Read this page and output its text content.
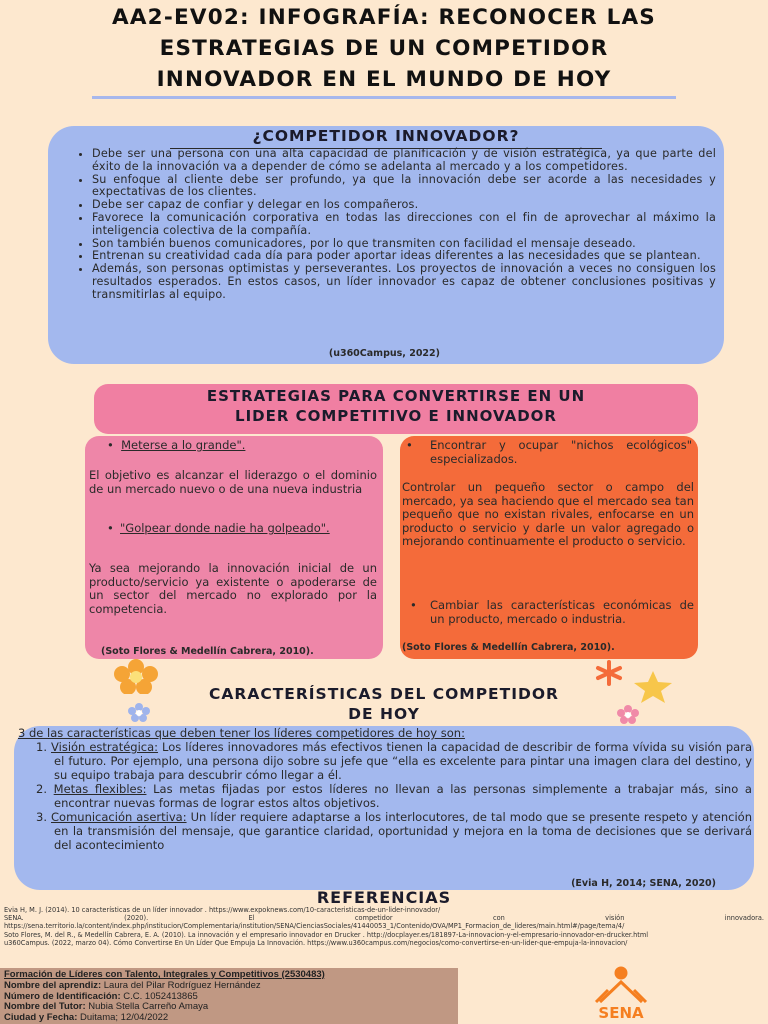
AA2-EV02: INFOGRAFÍA: RECONOCER LAS
ESTRATEGIAS DE UN COMPETIDOR
INNOVADOR EN EL MUNDO DE HOY
¿COMPETIDOR INNOVADOR?
• Debe ser una persona con una alta capacidad de planificación y de visión estratégica, ya que parte del éxito de la innovación va a depender de cómo se adelanta al mercado y a los competidores.
• Su enfoque al cliente debe ser profundo, ya que la innovación debe ser acorde a las necesidades y expectativas de los clientes.
• Debe ser capaz de confiar y delegar en los compañeros.
• Favorece la comunicación corporativa en todas las direcciones con el fin de aprovechar al máximo la inteligencia colectiva de la compañía.
• Son también buenos comunicadores, por lo que transmiten con facilidad el mensaje deseado.
• Entrenan su creatividad cada día para poder aportar ideas diferentes a las necesidades que se plantean.
• Además, son personas optimistas y perseverantes. Los proyectos de innovación a veces no consiguen los resultados esperados. En estos casos, un líder innovador es capaz de obtener conclusiones positivas y transmitirlas al equipo.
(u360Campus, 2022)
ESTRATEGIAS PARA CONVERTIRSE EN UN
LIDER COMPETITIVO E INNOVADOR
•  Meterse a lo grande".

El objetivo es alcanzar el liderazgo o el dominio de un mercado nuevo o de una nueva industria

• "Golpear donde nadie ha golpeado".

Ya sea mejorando la innovación inicial de un producto/servicio ya existente o apoderarse de un sector del mercado no explorado por la competencia.

(Soto Flores & Medellín Cabrera, 2010).
• Encontrar y ocupar "nichos ecológicos" especializados.

Controlar un pequeño sector o campo del mercado, ya sea haciendo que el mercado sea tan pequeño que no existan rivales, enfocarse en un producto o servicio y darle un valor agregado o mejorando continuamente el producto o servicio.

• Cambiar las características económicas de un producto, mercado o industria.

(Soto Flores & Medellín Cabrera, 2010).
CARACTERÍSTICAS DEL COMPETIDOR
DE HOY
3 de las características que deben tener los líderes competidores de hoy son:
1. Visión estratégica: Los líderes innovadores más efectivos tienen la capacidad de describir de forma vívida su visión para el futuro. Por ejemplo, una persona dijo sobre su jefe que “ella es excelente para pintar una imagen clara del destino, y su equipo trabaja para descubrir cómo llegar a él.
2. Metas flexibles: Las metas fijadas por estos líderes no llevan a las personas simplemente a trabajar más, sino a encontrar nuevas formas de lograr estos altos objetivos.
3. Comunicación asertiva: Un líder requiere adaptarse a los interlocutores, de tal modo que se presente respeto y atención en la transmisión del mensaje, que garantice claridad, oportunidad y mejora en la toma de decisiones que se derivará del acontecimiento
(Evia H, 2014; SENA, 2020)
REFERENCIAS

Evia H, M. J. (2014). 10 características de un líder innovador . https://www.expoknews.com/10-caracteristicas-de-un-lider-innovador/

SENA. (2020). El competidor con visión innovadora. https://sena.territorio.la/content/index.php/institucion/Complementaria/institution/SENA/CienciasSociales/41440053_1/Contenido/OVA/MP1_Formacion_de_lideres/main.html#/page/tema/4/

Soto Flores, M. del R., & Medellín Cabrera, E. A. (2010). La innovación y el empresario innovador en Drucker . http://docplayer.es/181897-La-innovacion-y-el-empresario-innovador-en-drucker.html

u360Campus. (2022, marzo 04). Cómo Convertirse En Un Líder Que Empuja La Innovación. https://www.u360campus.com/negocios/como-convertirse-en-un-lider-que-empuja-la-innovacion/

Formación de Líderes con Talento, Integrales y Competitivos (2530483)
Nombre del aprendiz: Laura del Pilar Rodríguez Hernández
Número de Identificación: C.C. 1052413865
Nombre del Tutor: Nubia Stella Carreño Amaya
Ciudad y Fecha: Duitama; 12/04/2022	SENA
